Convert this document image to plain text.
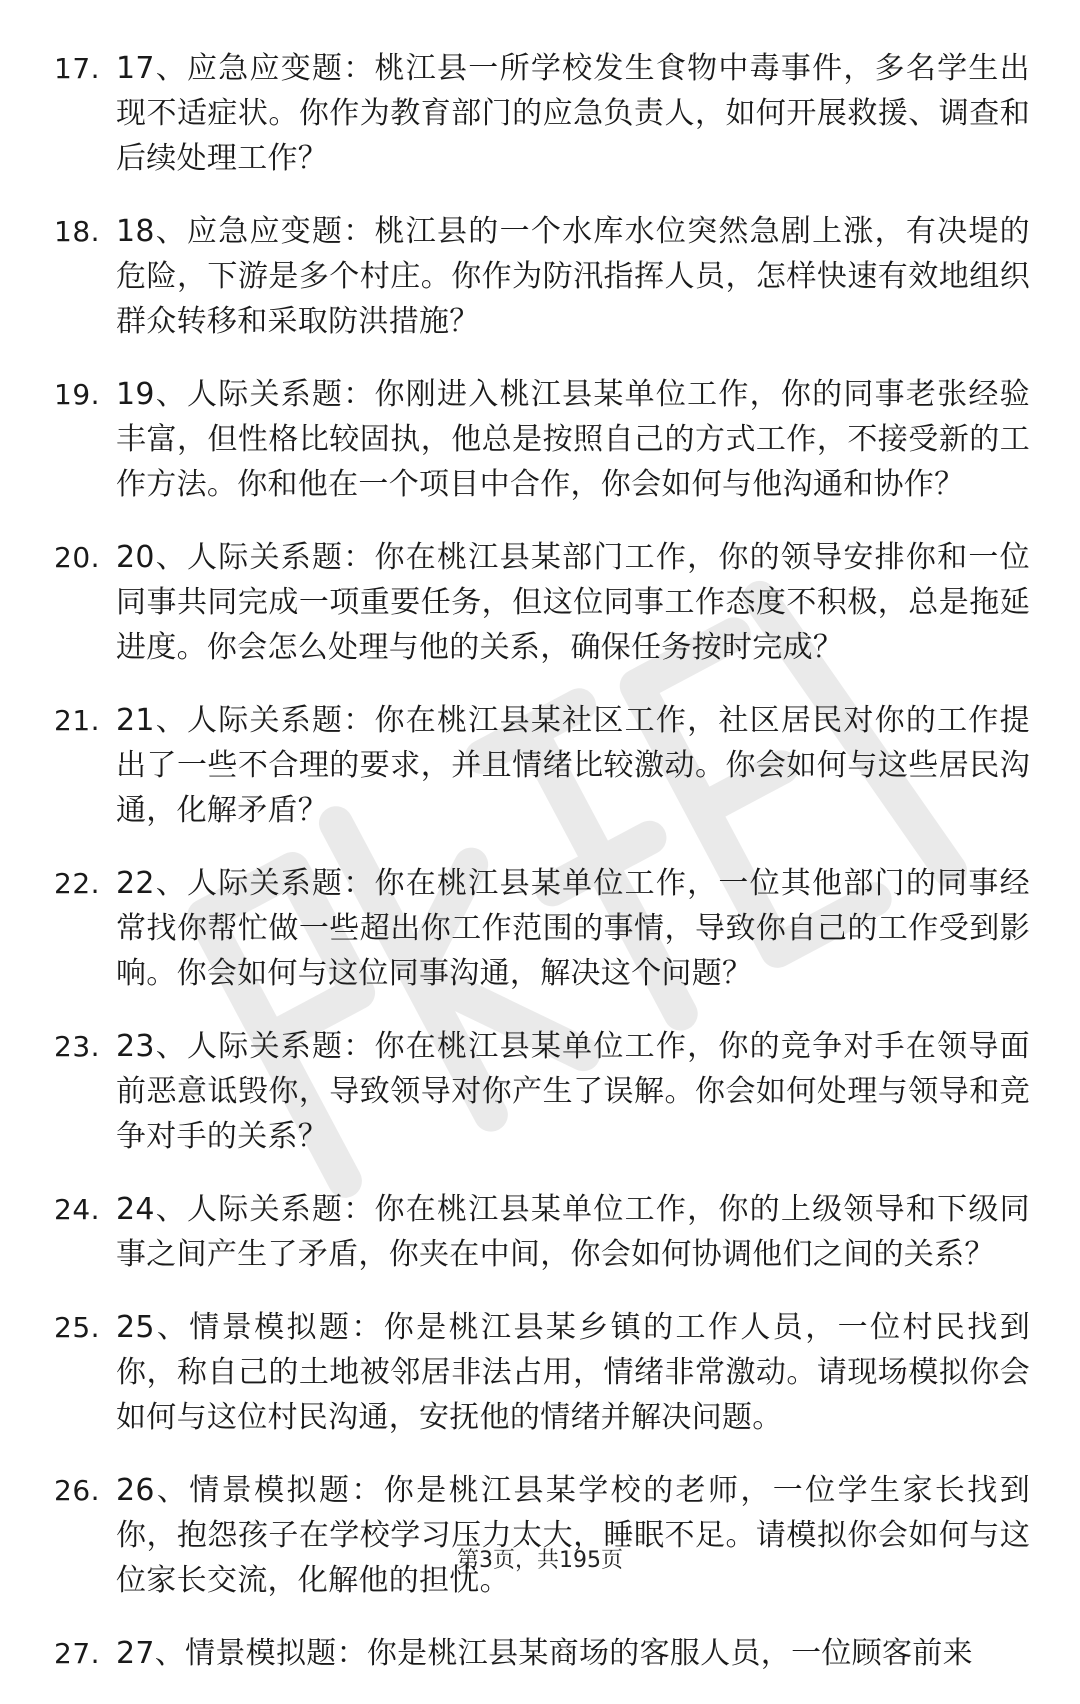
17. 17、应急应变题：桃江县一所学校发生食物中毒事件，多名学生出现不适症状。你作为教育部门的应急负责人，如何开展救援、调查和后续处理工作？
18. 18、应急应变题：桃江县的一个水库水位突然急剧上涨，有决堤的危险，下游是多个村庄。你作为防汛指挥人员，怎样快速有效地组织群众转移和采取防洪措施？
19. 19、人际关系题：你刚进入桃江县某单位工作，你的同事老张经验丰富，但性格比较固执，他总是按照自己的方式工作，不接受新的工作方法。你和他在一个项目中合作，你会如何与他沟通和协作？
20. 20、人际关系题：你在桃江县某部门工作，你的领导安排你和一位同事共同完成一项重要任务，但这位同事工作态度不积极，总是拖延进度。你会怎么处理与他的关系，确保任务按时完成？
21. 21、人际关系题：你在桃江县某社区工作，社区居民对你的工作提出了一些不合理的要求，并且情绪比较激动。你会如何与这些居民沟通，化解矛盾？
22. 22、人际关系题：你在桃江县某单位工作，一位其他部门的同事经常找你帮忙做一些超出你工作范围的事情，导致你自己的工作受到影响。你会如何与这位同事沟通，解决这个问题？
23. 23、人际关系题：你在桃江县某单位工作，你的竞争对手在领导面前恶意诋毁你，导致领导对你产生了误解。你会如何处理与领导和竞争对手的关系？
24. 24、人际关系题：你在桃江县某单位工作，你的上级领导和下级同事之间产生了矛盾，你夹在中间，你会如何协调他们之间的关系？
25. 25、情景模拟题：你是桃江县某乡镇的工作人员，一位村民找到你，称自己的土地被邻居非法占用，情绪非常激动。请现场模拟你会如何与这位村民沟通，安抚他的情绪并解决问题。
26. 26、情景模拟题：你是桃江县某学校的老师，一位学生家长找到你，抱怨孩子在学校学习压力太大，睡眠不足。请模拟你会如何与这位家长交流，化解他的担忧。
27. 27、情景模拟题：你是桃江县某商场的客服人员，一位顾客前来
第3页，共195页
